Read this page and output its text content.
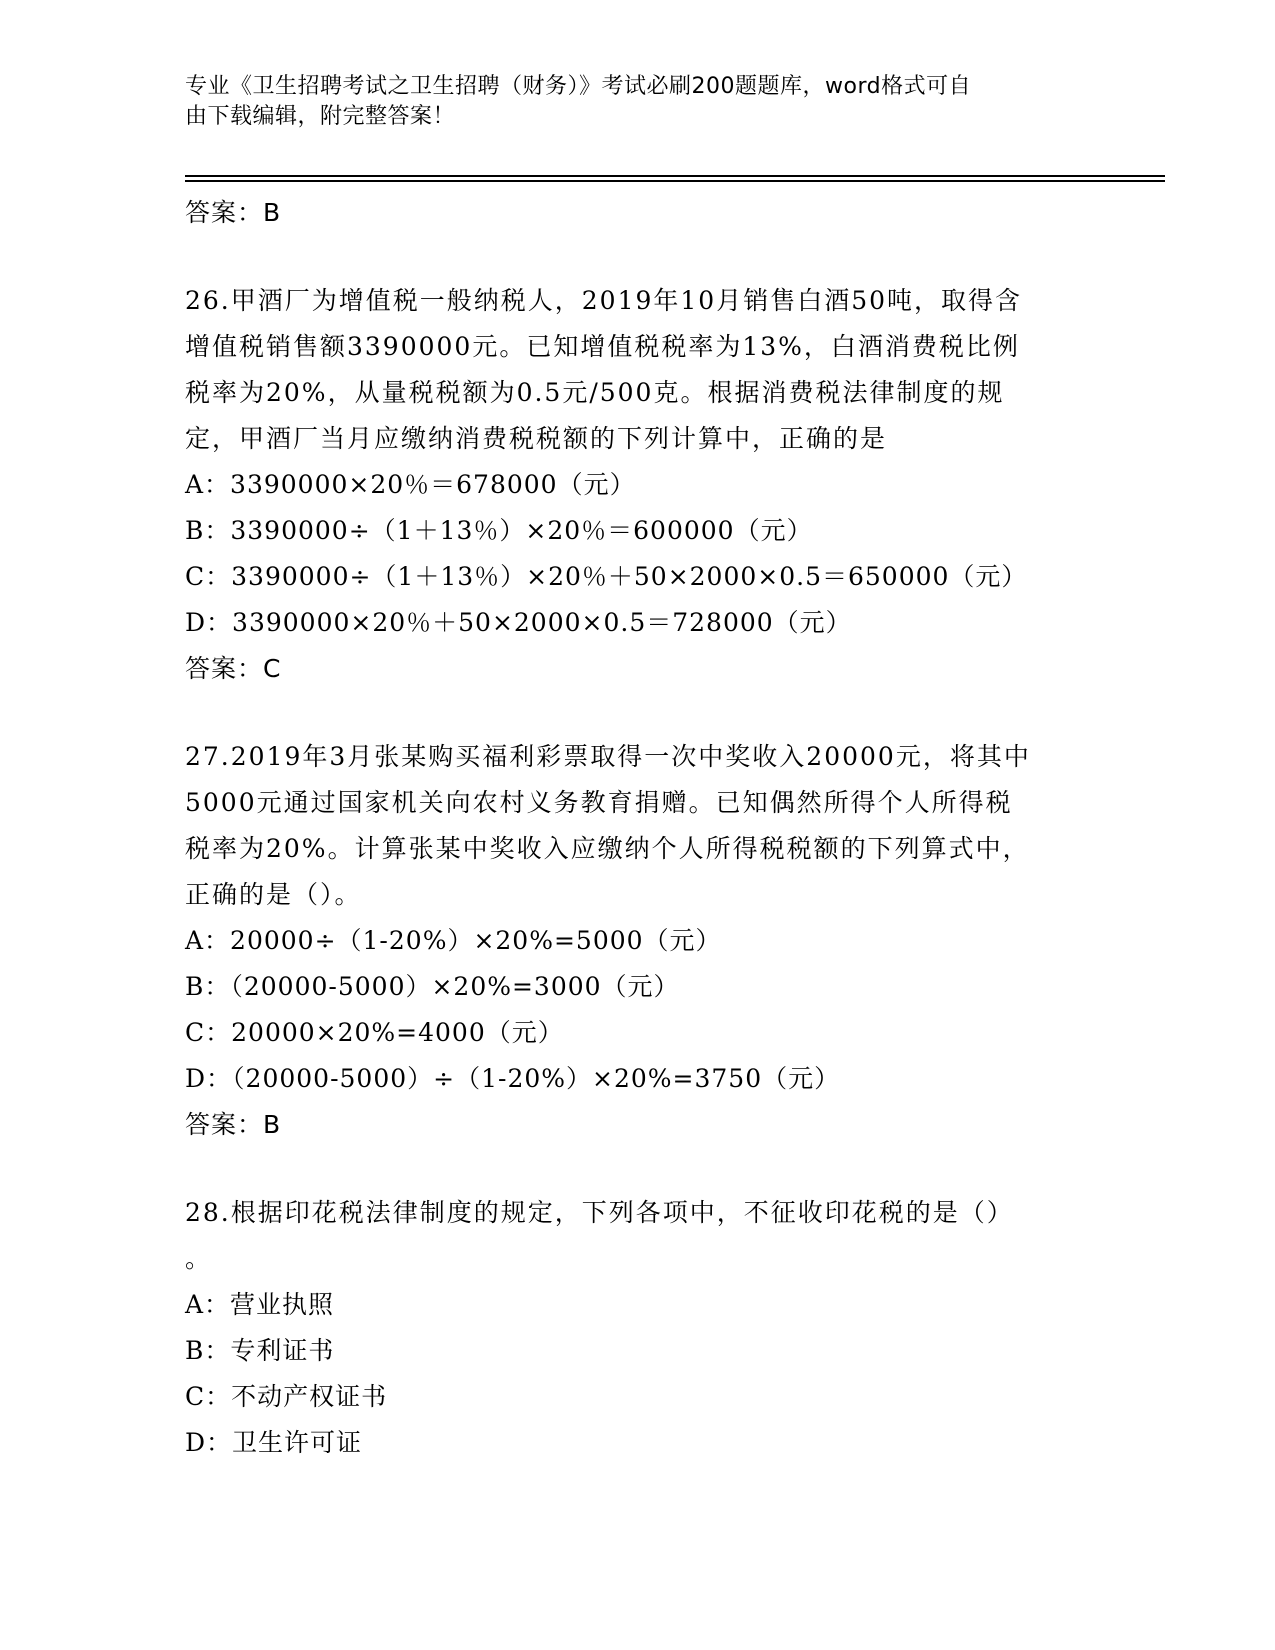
专业《卫生招聘考试之卫生招聘（财务）》考试必刷200题题库，word格式可自
由下载编辑，附完整答案！
答案：B
26.甲酒厂为增值税一般纳税人，2019年10月销售白酒50吨，取得含
增值税销售额3390000元。已知增值税税率为13%，白酒消费税比例
税率为20%，从量税税额为0.5元/500克。根据消费税法律制度的规
定，甲酒厂当月应缴纳消费税税额的下列计算中，正确的是
A：3390000×20％＝678000（元）
B：3390000÷（1＋13％）×20％＝600000（元）
C：3390000÷（1＋13％）×20％＋50×2000×0.5＝650000（元）
D：3390000×20％＋50×2000×0.5＝728000（元）
答案：C
27.2019年3月张某购买福利彩票取得一次中奖收入20000元，将其中
5000元通过国家机关向农村义务教育捐赠。已知偶然所得个人所得税
税率为20%。计算张某中奖收入应缴纳个人所得税税额的下列算式中，
正确的是（）。
A：20000÷（1-20%）×20%=5000（元）
B：（20000-5000）×20%=3000（元）
C：20000×20%=4000（元）
D：（20000-5000）÷（1-20%）×20%=3750（元）
答案：B
28.根据印花税法律制度的规定，下列各项中，不征收印花税的是（）
。
A：营业执照
B：专利证书
C：不动产权证书
D：卫生许可证
